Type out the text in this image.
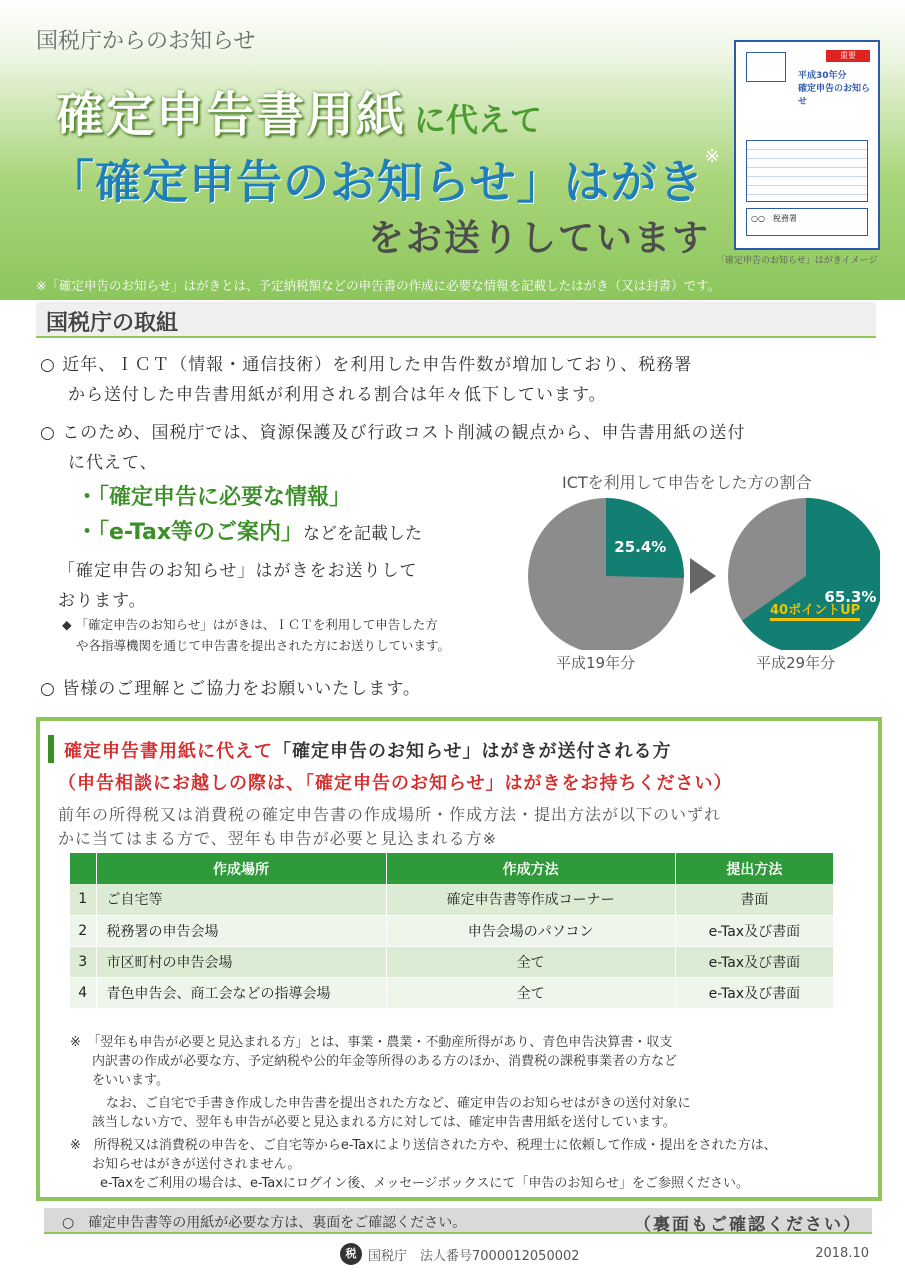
国税庁からのお知らせ
確定申告書用紙 に代えて
「確定申告のお知らせ」はがき※
をお送りしています
重要
平成30年分
確定申告のお知らせ
○○　税務署
「確定申告のお知らせ」はがきイメージ
※「確定申告のお知らせ」はがきとは、予定納税額などの申告書の作成に必要な情報を記載したはがき（又は封書）です。
国税庁の取組
○ 近年、ＩＣＴ（情報・通信技術）を利用した申告件数が増加しており、税務署
から送付した申告書用紙が利用される割合は年々低下しています。
○ このため、国税庁では、資源保護及び行政コスト削減の観点から、申告書用紙の送付
に代えて、
・「確定申告に必要な情報」
・「e-Tax等のご案内」などを記載した
「確定申告のお知らせ」はがきをお送りして
おります。
◆ 「確定申告のお知らせ」はがきは、ＩＣＴを利用して申告した方
や各指導機関を通じて申告書を提出された方にお送りしています。
○ 皆様のご理解とご協力をお願いいたします。
ICTを利用して申告をした方の割合
25.4%
65.3%
平成19年分	平成29年分
40ポイントUP
確定申告書用紙に代えて「確定申告のお知らせ」はがきが送付される方
（申告相談にお越しの際は、「確定申告のお知らせ」はがきをお持ちください）
前年の所得税又は消費税の確定申告書の作成場所・作成方法・提出方法が以下のいずれ
かに当てはまる方で、翌年も申告が必要と見込まれる方※
	作成場所	作成方法	提出方法
1	ご自宅等	確定申告書等作成コーナー	書面
2	税務署の申告会場	申告会場のパソコン	e-Tax及び書面
3	市区町村の申告会場	全て	e-Tax及び書面
4	青色申告会、商工会などの指導会場	全て	e-Tax及び書面
※　「翌年も申告が必要と見込まれる方」とは、事業・農業・不動産所得があり、青色申告決算書・収支
内訳書の作成が必要な方、予定納税や公的年金等所得のある方のほか、消費税の課税事業者の方など
をいいます。
なお、ご自宅で手書き作成した申告書を提出された方など、確定申告のお知らせはがきの送付対象に
該当しない方で、翌年も申告が必要と見込まれる方に対しては、確定申告書用紙を送付しています。
※　所得税又は消費税の申告を、ご自宅等からe-Taxにより送信された方や、税理士に依頼して作成・提出をされた方は、
お知らせはがきが送付されません。
e-Taxをご利用の場合は、e-Taxにログイン後、メッセージボックスにて「申告のお知らせ」をご参照ください。
○　確定申告書等の用紙が必要な方は、裏面をご確認ください。	（裏面もご確認ください）
税 国税庁　法人番号7000012050002	2018.10
